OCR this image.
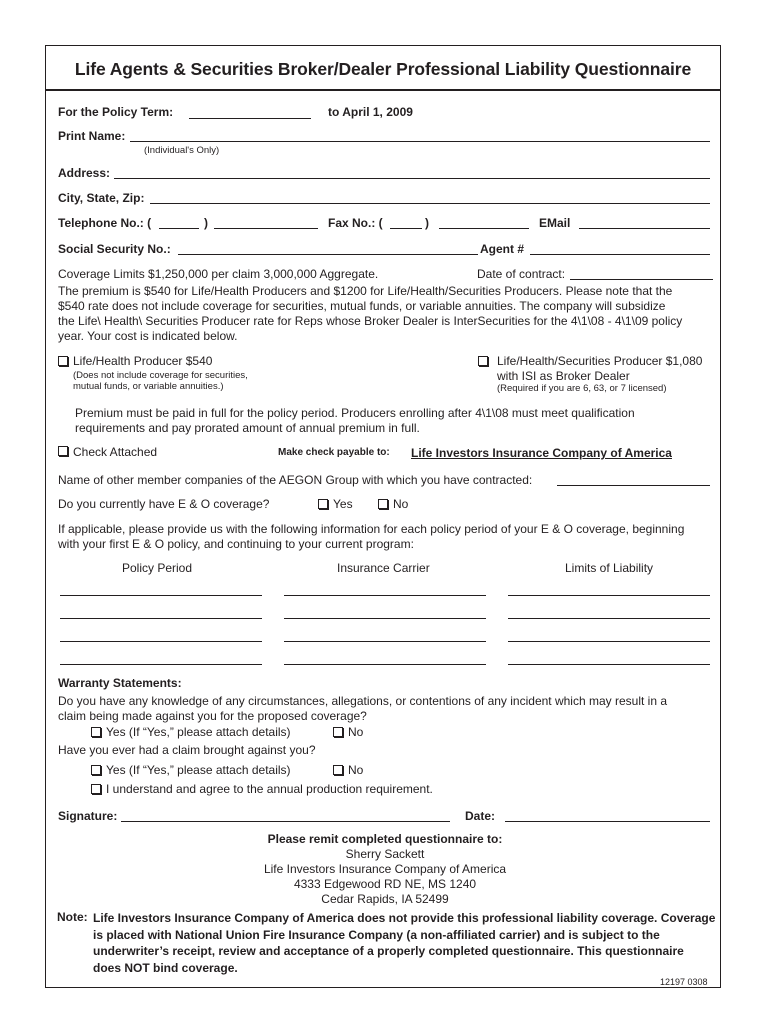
Life Agents & Securities Broker/Dealer Professional Liability Questionnaire
For the Policy Term:	to April 1, 2009
Print Name:
(Individual's Only)
Address:
City, State, Zip:
Telephone No.: (	)	Fax No.: (	)	EMail
Social Security No.:	Agent #
Coverage Limits $1,250,000 per claim 3,000,000 Aggregate.	Date of contract:
The premium is $540 for Life/Health Producers and $1200 for Life/Health/Securities Producers. Please note that the
$540 rate does not include coverage for securities, mutual funds, or variable annuities. The company will subsidize
the Life\ Health\ Securities Producer rate for Reps whose Broker Dealer is InterSecurities for the 4\1\08 - 4\1\09 policy
year. Your cost is indicated below.
Life/Health Producer $540
(Does not include coverage for securities,
mutual funds, or variable annuities.)
Life/Health/Securities Producer $1,080
with ISI as Broker Dealer
(Required if you are 6, 63, or 7 licensed)
Premium must be paid in full for the policy period. Producers enrolling after 4\1\08 must meet qualification
requirements and pay prorated amount of annual premium in full.
Check Attached	Make check payable to: Life Investors Insurance Company of America
Name of other member companies of the AEGON Group with which you have contracted:
Do you currently have E & O coverage?	Yes	No
If applicable, please provide us with the following information for each policy period of your E & O coverage, beginning
with your first E & O policy, and continuing to your current program:
Policy Period	Insurance Carrier	Limits of Liability
Warranty Statements:
Do you have any knowledge of any circumstances, allegations, or contentions of any incident which may result in a
claim being made against you for the proposed coverage?
Yes (If “Yes,” please attach details)	No
Have you ever had a claim brought against you?
Yes (If “Yes,” please attach details)	No
I understand and agree to the annual production requirement.
Signature:	Date:
Please remit completed questionnaire to:
Sherry Sackett
Life Investors Insurance Company of America
4333 Edgewood RD NE, MS 1240
Cedar Rapids, IA 52499
Note: Life Investors Insurance Company of America does not provide this professional liability coverage. Coverage
is placed with National Union Fire Insurance Company (a non-affiliated carrier) and is subject to the
underwriter’s receipt, review and acceptance of a properly completed questionnaire. This questionnaire
does NOT bind coverage.
12197 0308
